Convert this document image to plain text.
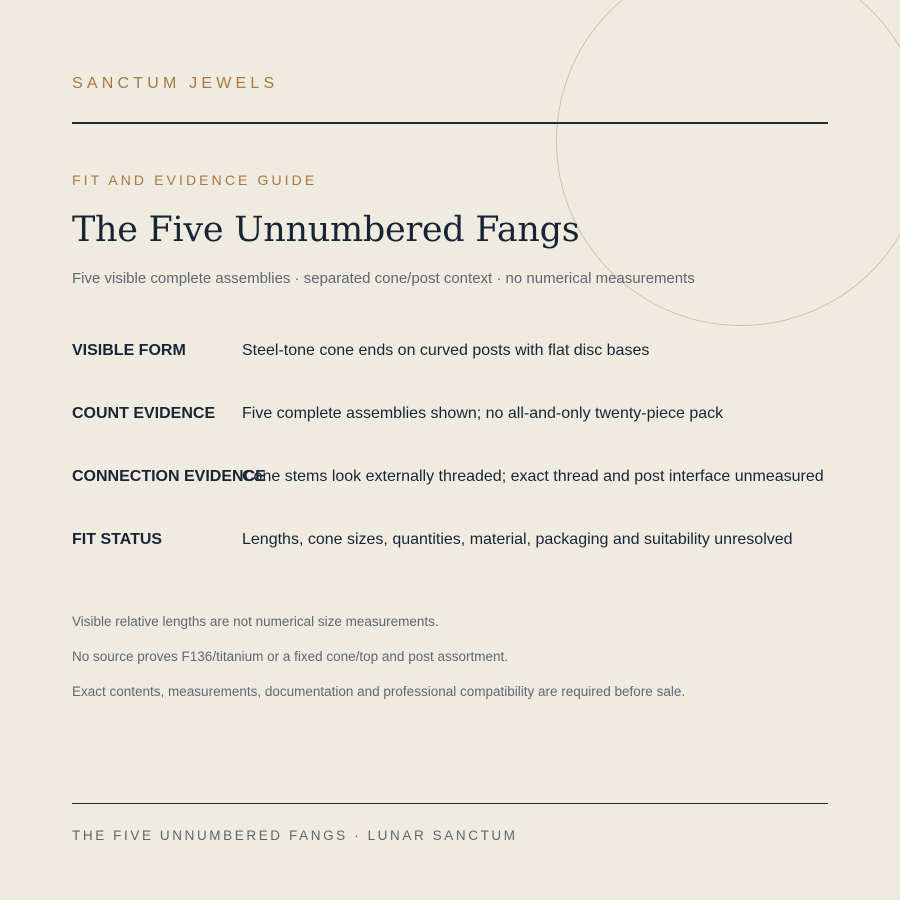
SANCTUM JEWELS
FIT AND EVIDENCE GUIDE
The Five Unnumbered Fangs
Five visible complete assemblies · separated cone/post context · no numerical measurements
VISIBLE FORM	Steel-tone cone ends on curved posts with flat disc bases
COUNT EVIDENCE Five complete assemblies shown; no all-and-only twenty-piece pack
CONNECTION EVIDENCE
Cone stems look externally threaded; exact thread and post interface unmeasured
FIT STATUS	Lengths, cone sizes, quantities, material, packaging and suitability unresolved
Visible relative lengths are not numerical size measurements.
No source proves F136/titanium or a fixed cone/top and post assortment.
Exact contents, measurements, documentation and professional compatibility are required before sale.
THE FIVE UNNUMBERED FANGS · LUNAR SANCTUM
